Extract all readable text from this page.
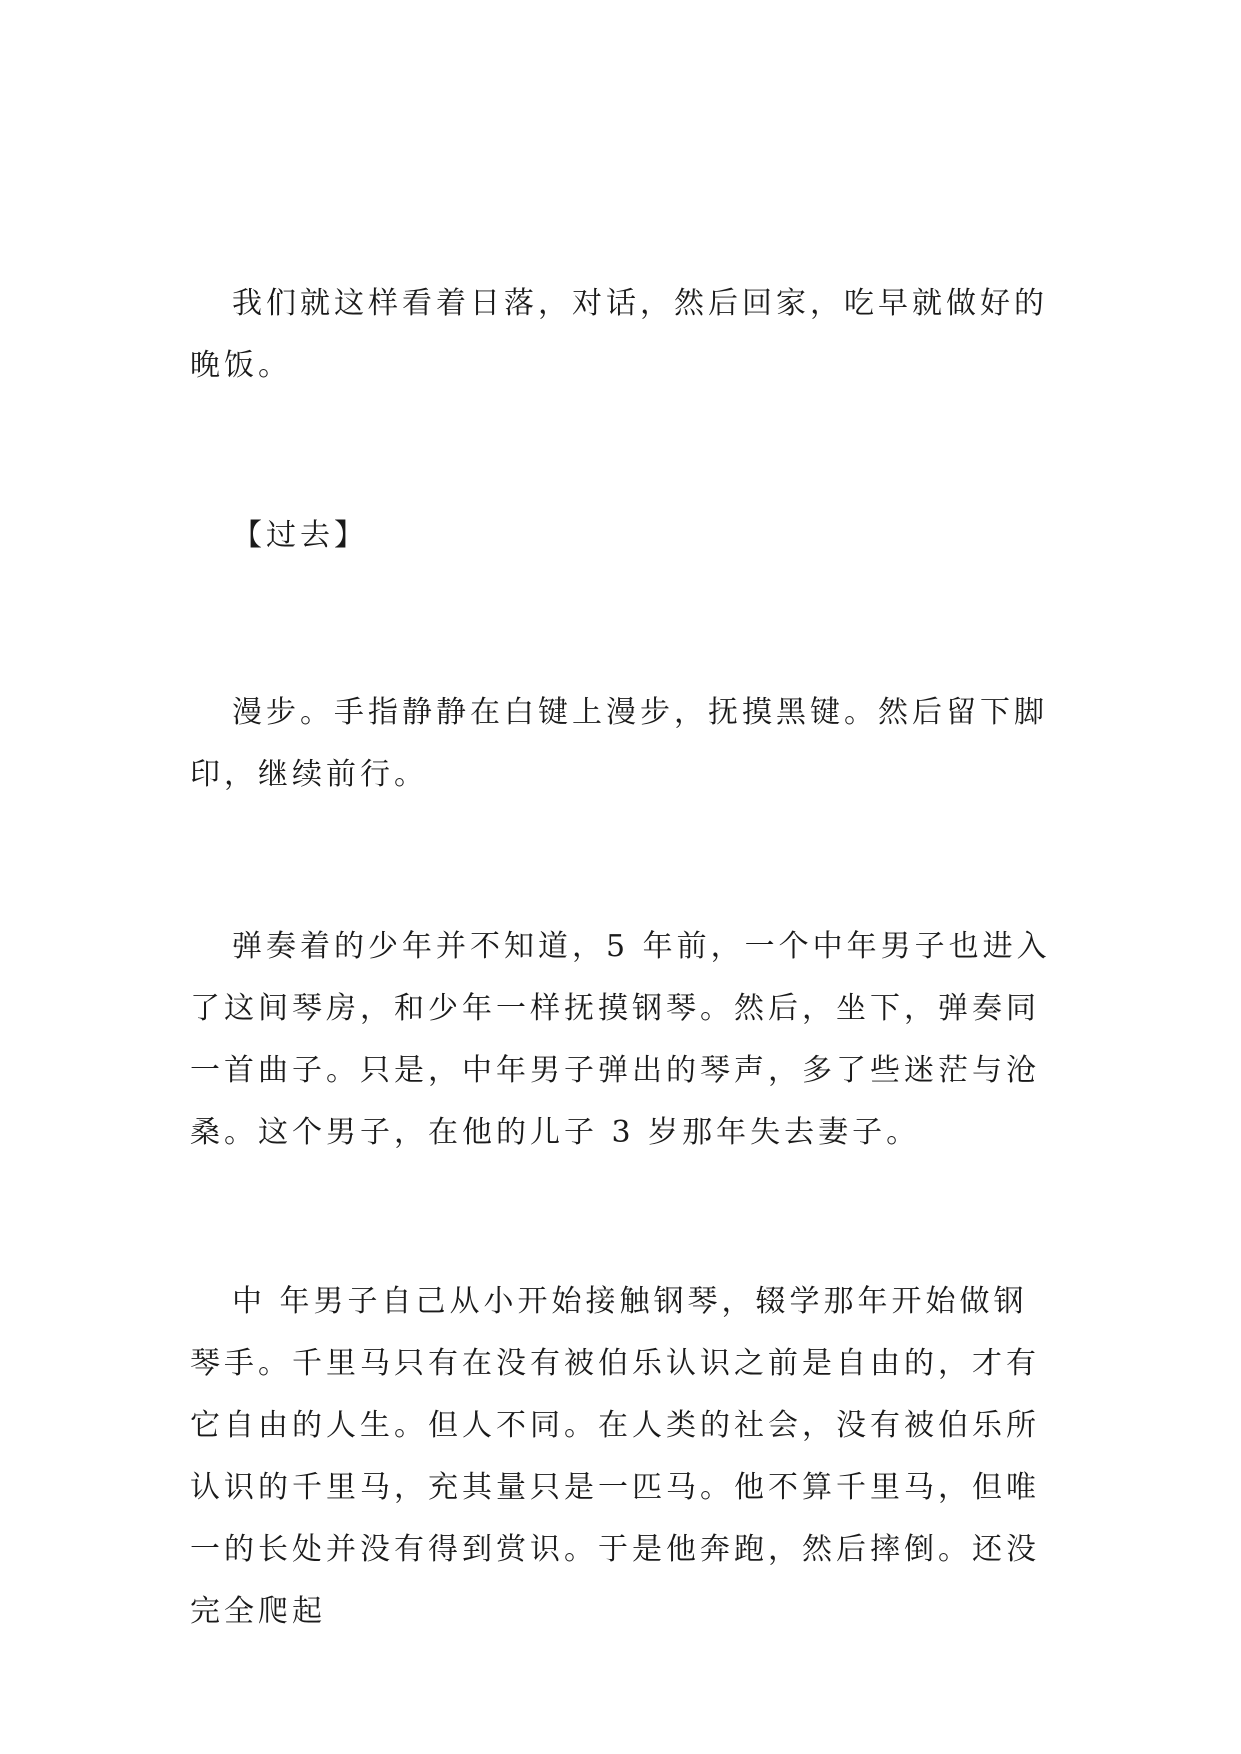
我们就这样看着日落，对话，然后回家，吃早就做好的晚饭。

【过去】

漫步。手指静静在白键上漫步，抚摸黑键。然后留下脚印，继续前行。

弹奏着的少年并不知道，5 年前，一个中年男子也进入了这间琴房，和少年一样抚摸钢琴。然后，坐下，弹奏同一首曲子。只是，中年男子弹出的琴声，多了些迷茫与沧桑。这个男子，在他的儿子 3 岁那年失去妻子。

中 年男子自己从小开始接触钢琴，辍学那年开始做钢琴手。千里马只有在没有被伯乐认识之前是自由的，才有它自由的人生。但人不同。在人类的社会，没有被伯乐所 认识的千里马，充其量只是一匹马。他不算千里马，但唯一的长处并没有得到赏识。于是他奔跑，然后摔倒。还没完全爬起
